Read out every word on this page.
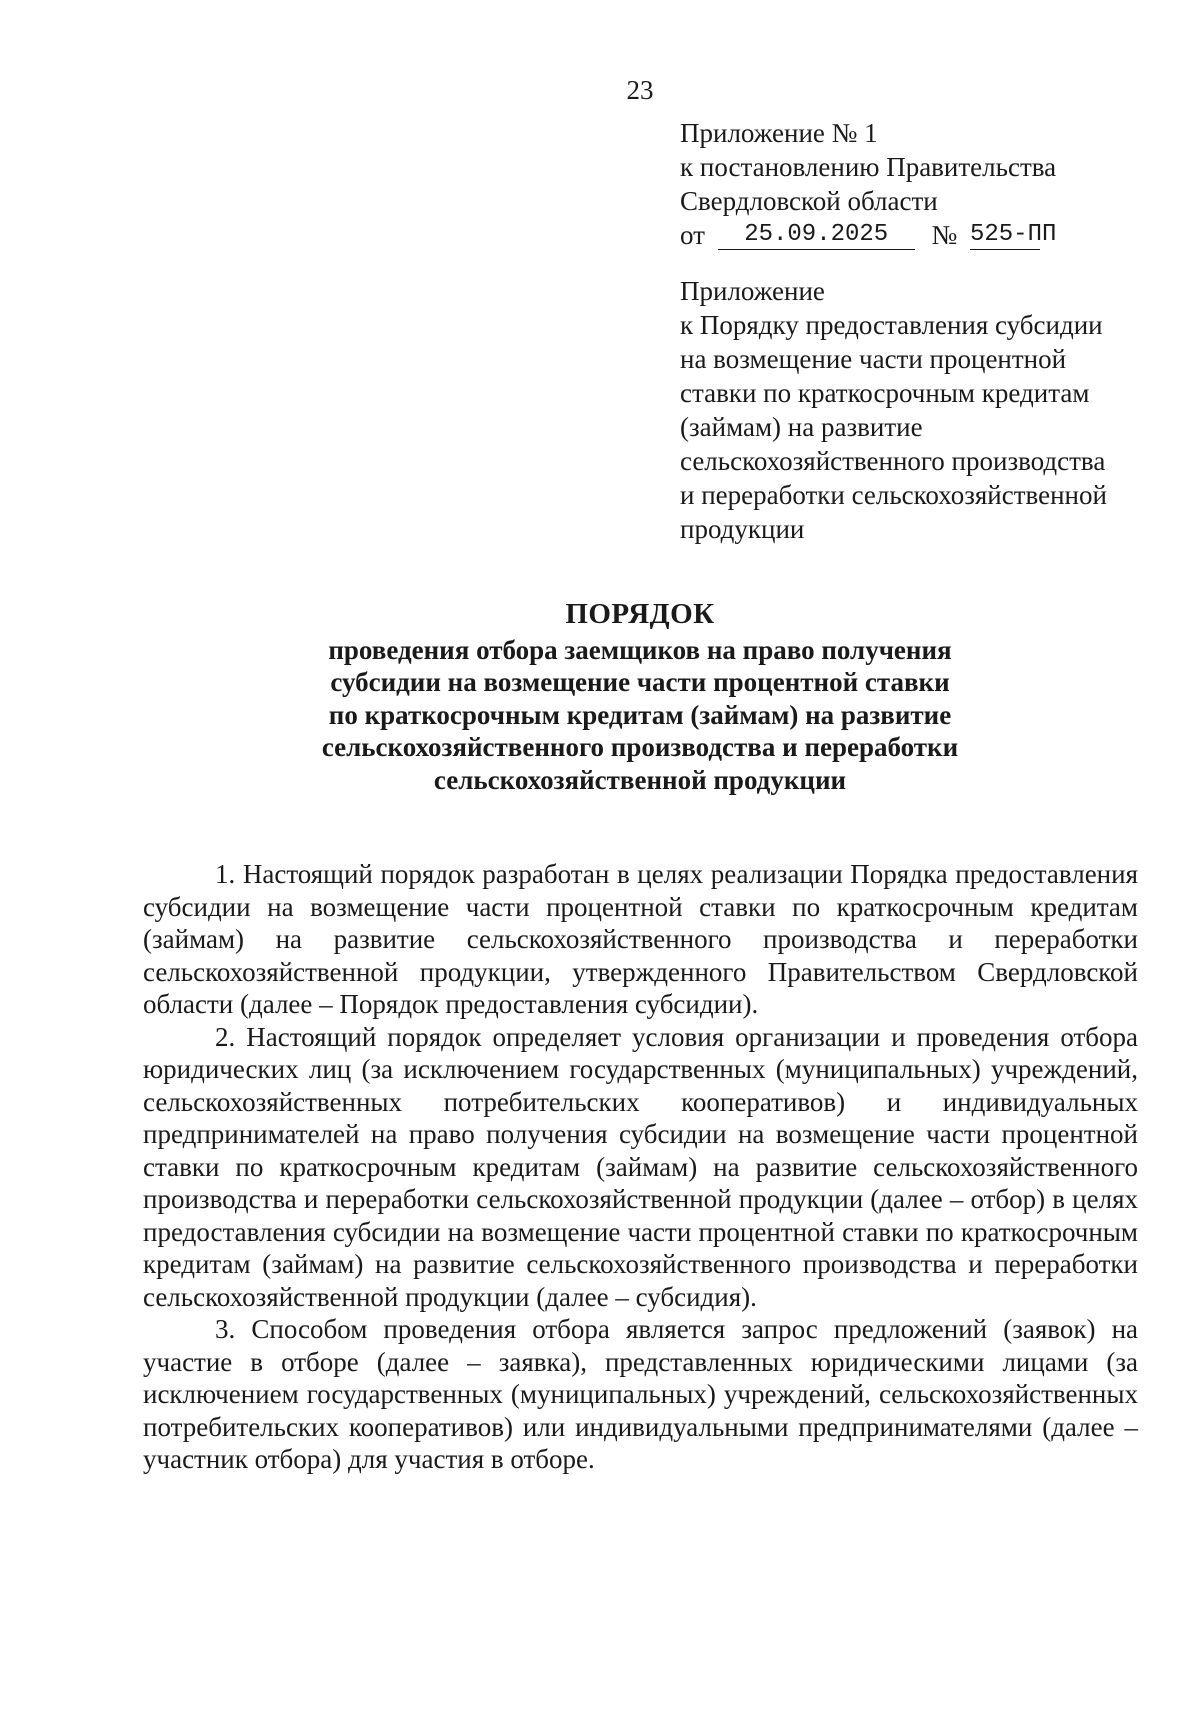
23
Приложение № 1
к постановлению Правительства
Свердловской области
от 25.09.2025 № 525-ПП
Приложение
к Порядку предоставления субсидии
на возмещение части процентной
ставки по краткосрочным кредитам
(займам) на развитие
сельскохозяйственного производства
и переработки сельскохозяйственной
продукции
ПОРЯДОК
проведения отбора заемщиков на право получения
субсидии на возмещение части процентной ставки
по краткосрочным кредитам (займам) на развитие
сельскохозяйственного производства и переработки
сельскохозяйственной продукции

1. Настоящий порядок разработан в целях реализации Порядка предоставления субсидии на возмещение части процентной ставки по краткосрочным кредитам (займам) на развитие сельскохозяйственного производства и переработки сельскохозяйственной продукции, утвержденного Правительством Свердловской области (далее – Порядок предоставления субсидии).

2. Настоящий порядок определяет условия организации и проведения отбора юридических лиц (за исключением государственных (муниципальных) учреждений, сельскохозяйственных потребительских кооперативов) и индивидуальных предпринимателей на право получения субсидии на возмещение части процентной ставки по краткосрочным кредитам (займам) на развитие сельскохозяйственного производства и переработки сельскохозяйственной продукции (далее – отбор) в целях предоставления субсидии на возмещение части процентной ставки по краткосрочным кредитам (займам) на развитие сельскохозяйственного производства и переработки сельскохозяйственной продукции (далее – субсидия).

3. Способом проведения отбора является запрос предложений (заявок) на участие в отборе (далее – заявка), представленных юридическими лицами (за исключением государственных (муниципальных) учреждений, сельскохозяйственных потребительских кооперативов) или индивидуальными предпринимателями (далее – участник отбора) для участия в отборе.
